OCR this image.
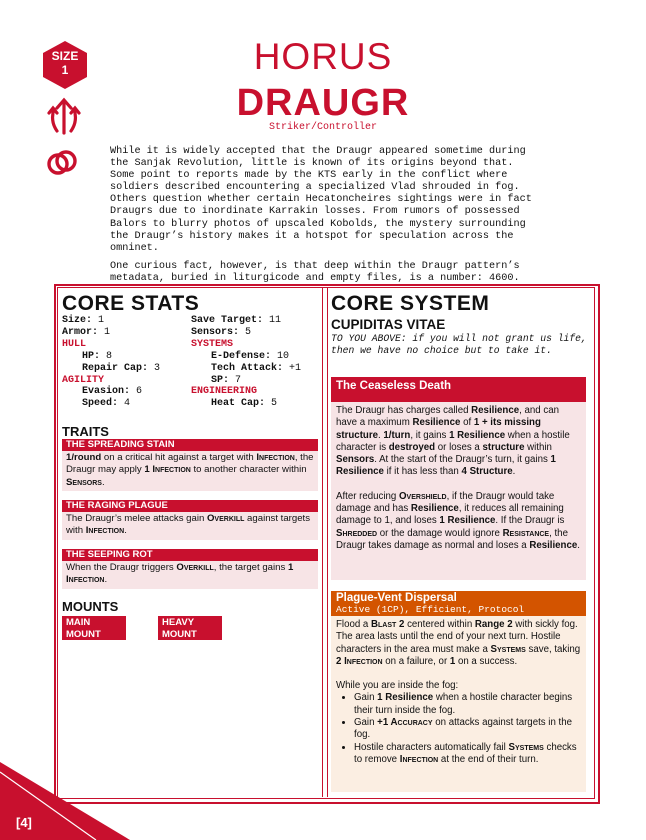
SIZE
1	HORUS
DRAUGR
Striker/Controller

While it is widely accepted that the Draugr appeared sometime during the Sanjak Revolution, little is known of its origins beyond that. Some point to reports made by the KTS early in the conflict where soldiers described encountering a specialized Vlad shrouded in fog. Others question whether certain Hecatoncheires sightings were in fact Draugrs due to inordinate Karrakin losses. From rumors of possessed Balors to blurry photos of upscaled Kobolds, the mystery surrounding the Draugr’s history makes it a hotspot for speculation across the omninet.

One curious fact, however, is that deep within the Draugr pattern’s metadata, buried in liturgicode and empty files, is a number: 4600.

CORE STATS
Size: 1
Armor: 1
HULL
HP: 8
Repair Cap: 3
AGILITY
Evasion: 6
Speed: 4
Save Target: 11
Sensors: 5
SYSTEMS
E-Defense: 10
Tech Attack: +1
SP: 7
ENGINEERING
Heat Cap: 5
TRAITS
THE SPREADING STAIN
1/round on a critical hit against a target with Infection, the Draugr may apply 1 Infection to another character within Sensors.
THE RAGING PLAGUE
The Draugr’s melee attacks gain Overkill against targets with Infection.
THE SEEPING ROT
When the Draugr triggers Overkill, the target gains 1 Infection.
MOUNTS
MAIN MOUNT
HEAVY MOUNT
CORE SYSTEM
CUPIDITAS VITAE
TO YOU ABOVE: if you will not grant us life, then we have no choice but to take it.
The Ceaseless Death

The Draugr has charges called Resilience, and can have a maximum Resilience of 1 + its missing structure. 1/turn, it gains 1 Resilience when a hostile character is destroyed or loses a structure within Sensors. At the start of the Draugr’s turn, it gains 1 Resilience if it has less than 4 Structure.

After reducing Overshield, if the Draugr would take damage and has Resilience, it reduces all remaining damage to 1, and loses 1 Resilience. If the Draugr is Shredded or the damage would ignore Resistance, the Draugr takes damage as normal and loses a Resilience.

Plague-Vent Dispersal
Active (1CP), Efficient, Protocol

Flood a Blast 2 centered within Range 2 with sickly fog. The area lasts until the end of your next turn. Hostile characters in the area must make a Systems save, taking 2 Infection on a failure, or 1 on a success.

While you are inside the fog:

• Gain 1 Resilience when a hostile character begins their turn inside the fog.
• Gain +1 Accuracy on attacks against targets in the fog.
• Hostile characters automatically fail Systems checks to remove Infection at the end of their turn.
[4]
